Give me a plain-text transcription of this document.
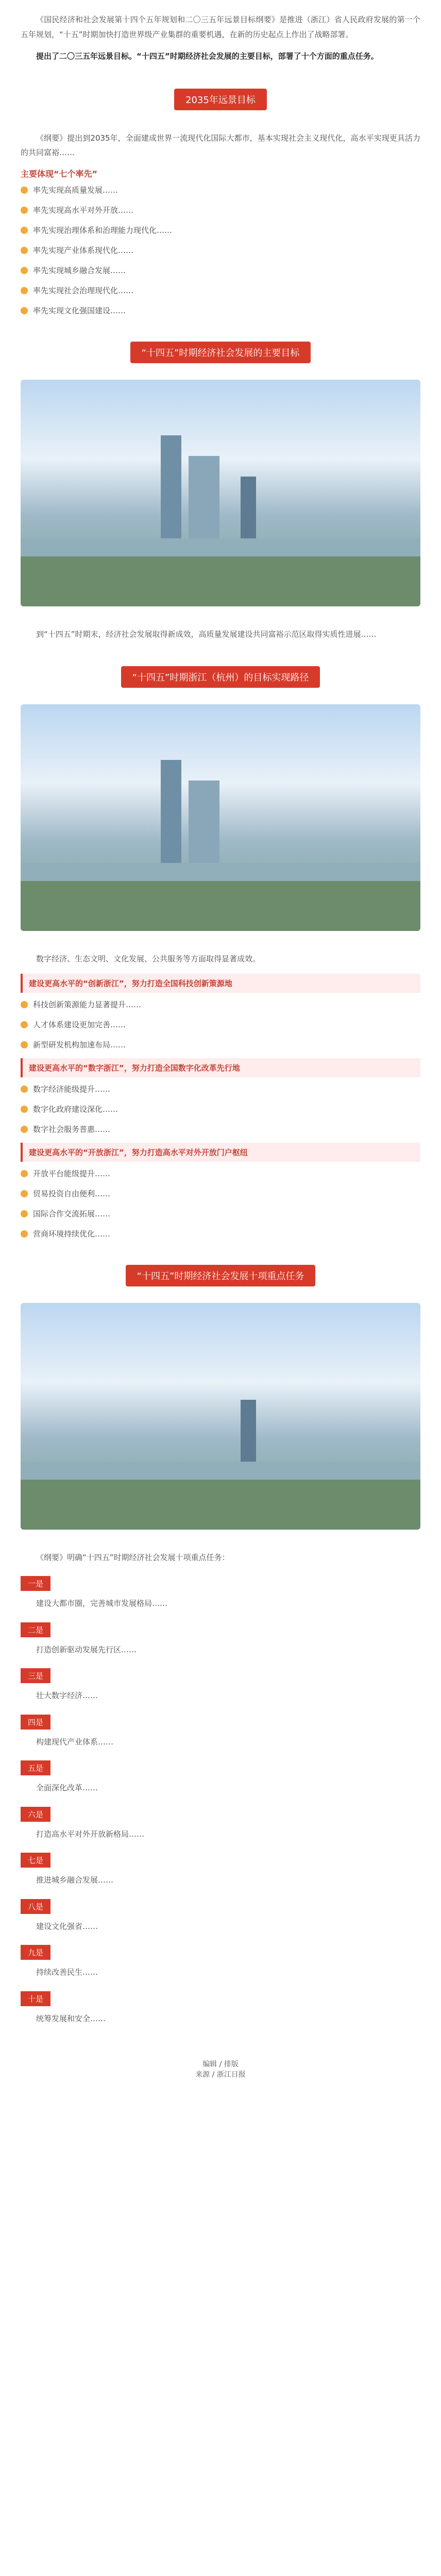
《国民经济和社会发展第十四个五年规划和二〇三五年远景目标纲要》是推进（浙江）省人民政府发展的第一个五年规划，“十五”时期加快打造世界级产业集群的重要机遇，在新的历史起点上作出了战略部署。

提出了二〇三五年远景目标。“十四五”时期经济社会发展的主要目标，部署了十个方面的重点任务。

2035年远景目标

《纲要》提出到2035年，全面建成世界一流现代化国际大都市，基本实现社会主义现代化，高水平实现更具活力的共同富裕……

主要体现“七个率先”
率先实现高质量发展……
率先实现高水平对外开放……
率先实现治理体系和治理能力现代化……
率先实现产业体系现代化……
率先实现城乡融合发展……
率先实现社会治理现代化……
率先实现文化强国建设……
“十四五”时期经济社会发展的主要目标

到“十四五”时期末，经济社会发展取得新成效，高质量发展建设共同富裕示范区取得实质性进展……

“十四五”时期浙江（杭州）的目标实现路径

数字经济、生态文明、文化发展、公共服务等方面取得显著成效。

建设更高水平的“创新浙江”，努力打造全国科技创新策源地
科技创新策源能力显著提升……
人才体系建设更加完善……
新型研发机构加速布局……
建设更高水平的“数字浙江”，努力打造全国数字化改革先行地
数字经济能级提升……
数字化政府建设深化……
数字社会服务普惠……
建设更高水平的“开放浙江”，努力打造高水平对外开放门户枢纽
开放平台能级提升……
贸易投资自由便利……
国际合作交流拓展……
营商环境持续优化……
“十四五”时期经济社会发展十项重点任务

《纲要》明确“十四五”时期经济社会发展十项重点任务：

一是

建设大都市圈，完善城市发展格局……

二是

打造创新驱动发展先行区……

三是

壮大数字经济……

四是

构建现代产业体系……

五是

全面深化改革……

六是

打造高水平对外开放新格局……

七是

推进城乡融合发展……

八是

建设文化强省……

九是

持续改善民生……

十是

统筹发展和安全……

编辑 / 排版
来源 / 浙江日报
